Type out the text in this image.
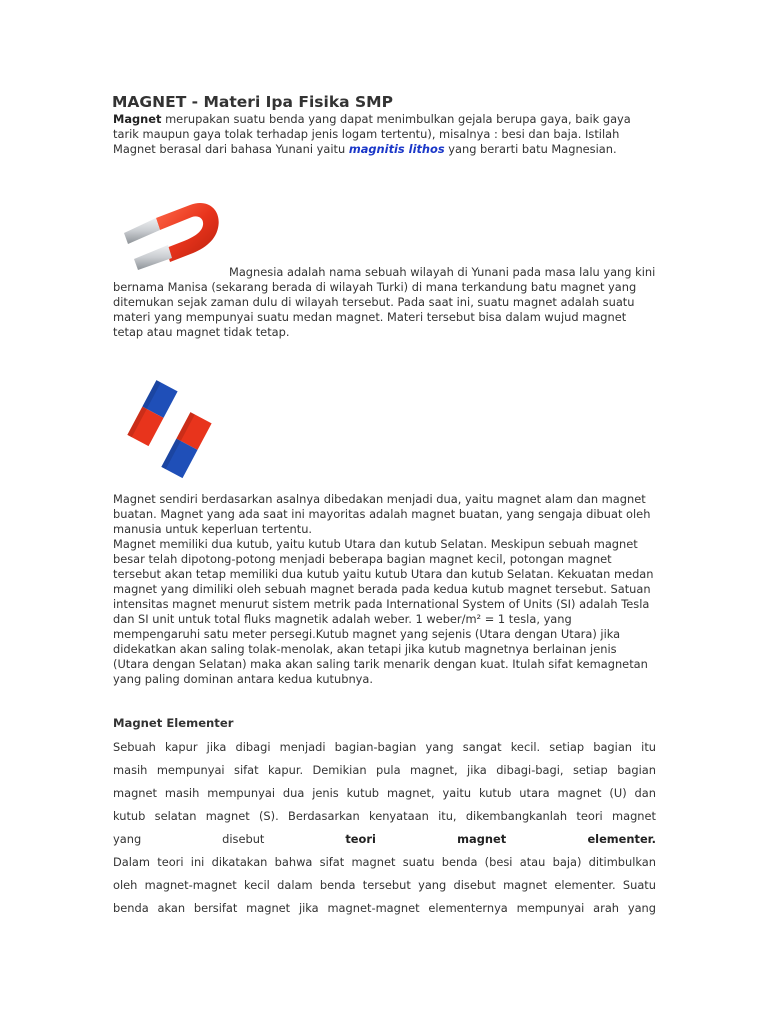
MAGNET - Materi Ipa Fisika SMP

Magnet merupakan suatu benda yang dapat menimbulkan gejala berupa gaya, baik gaya tarik maupun gaya tolak terhadap jenis logam tertentu), misalnya : besi dan baja. Istilah Magnet berasal dari bahasa Yunani yaitu magnitis lithos yang berarti batu Magnesian.

Magnesia adalah nama sebuah wilayah di Yunani pada masa lalu yang kini bernama Manisa (sekarang berada di wilayah Turki) di mana terkandung batu magnet yang ditemukan sejak zaman dulu di wilayah tersebut. Pada saat ini, suatu magnet adalah suatu materi yang mempunyai suatu medan magnet. Materi tersebut bisa dalam wujud magnet tetap atau magnet tidak tetap.

Magnet sendiri berdasarkan asalnya dibedakan menjadi dua, yaitu magnet alam dan magnet buatan. Magnet yang ada saat ini mayoritas adalah magnet buatan, yang sengaja dibuat oleh manusia untuk keperluan tertentu.

Magnet memiliki dua kutub, yaitu kutub Utara dan kutub Selatan. Meskipun sebuah magnet besar telah dipotong-potong menjadi beberapa bagian magnet kecil, potongan magnet tersebut akan tetap memiliki dua kutub yaitu kutub Utara dan kutub Selatan. Kekuatan medan magnet yang dimiliki oleh sebuah magnet berada pada kedua kutub magnet tersebut. Satuan intensitas magnet menurut sistem metrik pada International System of Units (SI) adalah Tesla dan SI unit untuk total fluks magnetik adalah weber. 1 weber/m² = 1 tesla, yang mempengaruhi satu meter persegi.Kutub magnet yang sejenis (Utara dengan Utara) jika didekatkan akan saling tolak-menolak, akan tetapi jika kutub magnetnya berlainan jenis (Utara dengan Selatan) maka akan saling tarik menarik dengan kuat. Itulah sifat kemagnetan yang paling dominan antara kedua kutubnya.

Magnet Elementer

Sebuah kapur jika dibagi menjadi bagian-bagian yang sangat kecil. setiap bagian itu

masih mempunyai sifat kapur. Demikian pula magnet, jika dibagi-bagi, setiap bagian

magnet masih mempunyai dua jenis kutub magnet, yaitu kutub utara magnet (U) dan

kutub selatan magnet (S). Berdasarkan kenyataan itu, dikembangkanlah teori magnet

yang disebut teori magnet elementer.

Dalam teori ini dikatakan bahwa sifat magnet suatu benda (besi atau baja) ditimbulkan

oleh magnet-magnet kecil dalam benda tersebut yang disebut magnet elementer. Suatu

benda akan bersifat magnet jika magnet-magnet elementernya mempunyai arah yang
